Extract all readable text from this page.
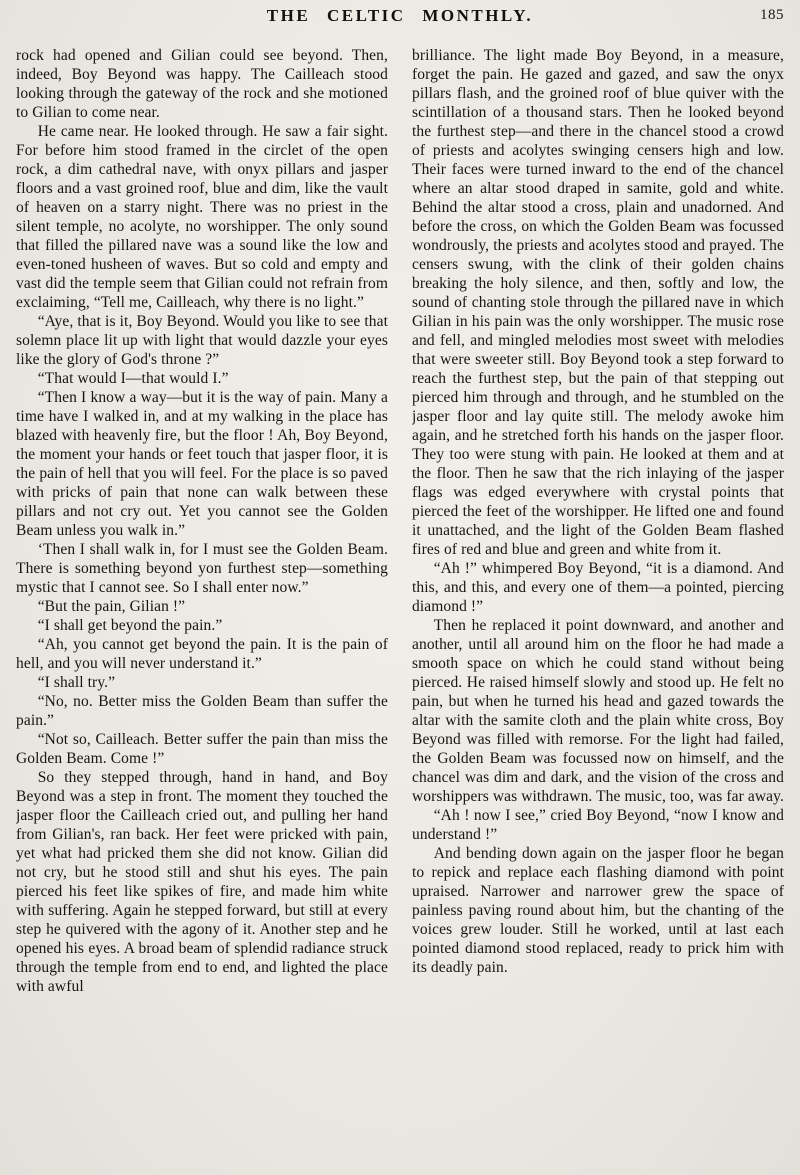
THE CELTIC MONTHLY.	185

rock had opened and Gilian could see beyond. Then, indeed, Boy Beyond was happy. The Cailleach stood looking through the gateway of the rock and she motioned to Gilian to come near.

He came near. He looked through. He saw a fair sight. For before him stood framed in the circlet of the open rock, a dim cathedral nave, with onyx pillars and jasper floors and a vast groined roof, blue and dim, like the vault of heaven on a starry night. There was no priest in the silent temple, no acolyte, no worshipper. The only sound that filled the pillared nave was a sound like the low and even-toned husheen of waves. But so cold and empty and vast did the temple seem that Gilian could not refrain from exclaiming, “Tell me, Cailleach, why there is no light.”

“Aye, that is it, Boy Beyond. Would you like to see that solemn place lit up with light that would dazzle your eyes like the glory of God's throne ?”

“That would I—that would I.”

“Then I know a way—but it is the way of pain. Many a time have I walked in, and at my walking in the place has blazed with heavenly fire, but the floor ! Ah, Boy Beyond, the moment your hands or feet touch that jasper floor, it is the pain of hell that you will feel. For the place is so paved with pricks of pain that none can walk between these pillars and not cry out. Yet you cannot see the Golden Beam unless you walk in.”

‘Then I shall walk in, for I must see the Golden Beam. There is something beyond yon furthest step—something mystic that I cannot see. So I shall enter now.”

“But the pain, Gilian !”

“I shall get beyond the pain.”

“Ah, you cannot get beyond the pain. It is the pain of hell, and you will never understand it.”

“I shall try.”

“No, no. Better miss the Golden Beam than suffer the pain.”

“Not so, Cailleach. Better suffer the pain than miss the Golden Beam. Come !”

So they stepped through, hand in hand, and Boy Beyond was a step in front. The moment they touched the jasper floor the Cailleach cried out, and pulling her hand from Gilian's, ran back. Her feet were pricked with pain, yet what had pricked them she did not know. Gilian did not cry, but he stood still and shut his eyes. The pain pierced his feet like spikes of fire, and made him white with suffering. Again he stepped forward, but still at every step he quivered with the agony of it. Another step and he opened his eyes. A broad beam of splendid radiance struck through the temple from end to end, and lighted the place with awful

brilliance. The light made Boy Beyond, in a measure, forget the pain. He gazed and gazed, and saw the onyx pillars flash, and the groined roof of blue quiver with the scintillation of a thousand stars. Then he looked beyond the furthest step—and there in the chancel stood a crowd of priests and acolytes swinging censers high and low. Their faces were turned inward to the end of the chancel where an altar stood draped in samite, gold and white. Behind the altar stood a cross, plain and unadorned. And before the cross, on which the Golden Beam was focussed wondrously, the priests and acolytes stood and prayed. The censers swung, with the clink of their golden chains breaking the holy silence, and then, softly and low, the sound of chanting stole through the pillared nave in which Gilian in his pain was the only worshipper. The music rose and fell, and mingled melodies most sweet with melodies that were sweeter still. Boy Beyond took a step forward to reach the furthest step, but the pain of that stepping out pierced him through and through, and he stumbled on the jasper floor and lay quite still. The melody awoke him again, and he stretched forth his hands on the jasper floor. They too were stung with pain. He looked at them and at the floor. Then he saw that the rich inlaying of the jasper flags was edged everywhere with crystal points that pierced the feet of the worshipper. He lifted one and found it unattached, and the light of the Golden Beam flashed fires of red and blue and green and white from it.

“Ah !” whimpered Boy Beyond, “it is a diamond. And this, and this, and every one of them—a pointed, piercing diamond !”

Then he replaced it point downward, and another and another, until all around him on the floor he had made a smooth space on which he could stand without being pierced. He raised himself slowly and stood up. He felt no pain, but when he turned his head and gazed towards the altar with the samite cloth and the plain white cross, Boy Beyond was filled with remorse. For the light had failed, the Golden Beam was focussed now on himself, and the chancel was dim and dark, and the vision of the cross and worshippers was withdrawn. The music, too, was far away.

“Ah ! now I see,” cried Boy Beyond, “now I know and understand !”

And bending down again on the jasper floor he began to repick and replace each flashing diamond with point upraised. Narrower and narrower grew the space of painless paving round about him, but the chanting of the voices grew louder. Still he worked, until at last each pointed diamond stood replaced, ready to prick him with its deadly pain.
